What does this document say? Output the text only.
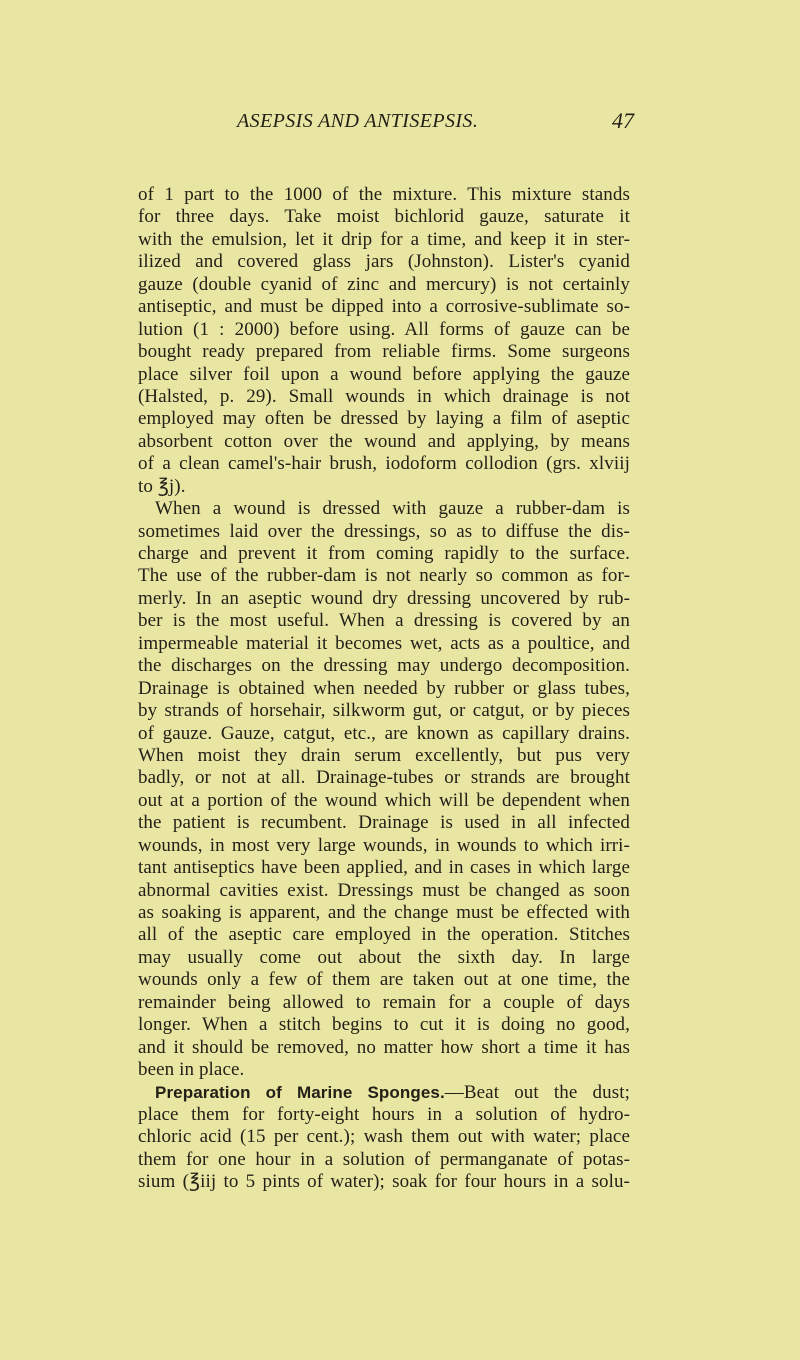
ASEPSIS AND ANTISEPSIS.	47
of 1 part to the 1000 of the mixture. This mixture stands
for three days. Take moist bichlorid gauze, saturate it
with the emulsion, let it drip for a time, and keep it in ster-
ilized and covered glass jars (Johnston). Lister's cyanid
gauze (double cyanid of zinc and mercury) is not certainly
antiseptic, and must be dipped into a corrosive-sublimate so-
lution (1 : 2000) before using. All forms of gauze can be
bought ready prepared from reliable firms. Some surgeons
place silver foil upon a wound before applying the gauze
(Halsted, p. 29). Small wounds in which drainage is not
employed may often be dressed by laying a film of aseptic
absorbent cotton over the wound and applying, by means
of a clean camel's-hair brush, iodoform collodion (grs. xlviij
to ℥j).
When a wound is dressed with gauze a rubber-dam is
sometimes laid over the dressings, so as to diffuse the dis-
charge and prevent it from coming rapidly to the surface.
The use of the rubber-dam is not nearly so common as for-
merly. In an aseptic wound dry dressing uncovered by rub-
ber is the most useful. When a dressing is covered by an
impermeable material it becomes wet, acts as a poultice, and
the discharges on the dressing may undergo decomposition.
Drainage is obtained when needed by rubber or glass tubes,
by strands of horsehair, silkworm gut, or catgut, or by pieces
of gauze. Gauze, catgut, etc., are known as capillary drains.
When moist they drain serum excellently, but pus very
badly, or not at all. Drainage-tubes or strands are brought
out at a portion of the wound which will be dependent when
the patient is recumbent. Drainage is used in all infected
wounds, in most very large wounds, in wounds to which irri-
tant antiseptics have been applied, and in cases in which large
abnormal cavities exist. Dressings must be changed as soon
as soaking is apparent, and the change must be effected with
all of the aseptic care employed in the operation. Stitches
may usually come out about the sixth day. In large
wounds only a few of them are taken out at one time, the
remainder being allowed to remain for a couple of days
longer. When a stitch begins to cut it is doing no good,
and it should be removed, no matter how short a time it has
been in place.
Preparation of Marine Sponges.—Beat out the dust;
place them for forty-eight hours in a solution of hydro-
chloric acid (15 per cent.); wash them out with water; place
them for one hour in a solution of permanganate of potas-
sium (℥iij to 5 pints of water); soak for four hours in a solu-
